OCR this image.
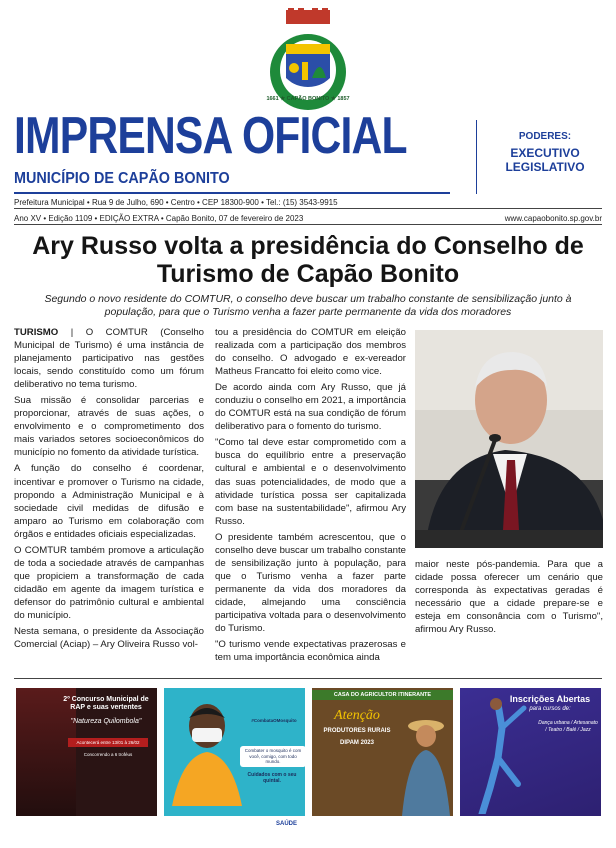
1661 ★ CAPÃO BONITO ★ 1857
IMPRENSA OFICIAL
MUNICÍPIO DE CAPÃO BONITO
PODERES:
EXECUTIVO
LEGISLATIVO
Prefeitura Municipal • Rua 9 de Julho, 690 • Centro • CEP 18300-900 • Tel.: (15) 3543-9915
Ano XV • Edição 1109 • EDIÇÃO EXTRA • Capão Bonito, 07 de fevereiro de 2023	www.capaobonito.sp.gov.br
Ary Russo volta a presidência do Conselho de Turismo de Capão Bonito
Segundo o novo residente do COMTUR, o conselho deve buscar um trabalho constante de sensibilização junto à população, para que o Turismo venha a fazer parte permanente da vida dos moradores

TURISMO | O COMTUR (Conselho Municipal de Turismo) é uma instância de planejamento participativo nas gestões locais, sendo constituído como um fórum deliberativo no tema turismo.

Sua missão é consolidar parcerias e proporcionar, através de suas ações, o envolvimento e o comprometimento dos mais variados setores socioeconômicos do município no fomento da atividade turística.

A função do conselho é coordenar, incentivar e promover o Turismo na cidade, propondo a Administração Municipal e à sociedade civil medidas de difusão e amparo ao Turismo em colaboração com órgãos e entidades oficiais especializadas.

O COMTUR também promove a articulação de toda a sociedade através de campanhas que propiciem a transformação de cada cidadão em agente da imagem turística e defensor do patrimônio cultural e ambiental do município.

Nesta semana, o presidente da Associação Comercial (Aciap) – Ary Oliveira Russo vol-

tou a presidência do COMTUR em eleição realizada com a participação dos membros do conselho. O advogado e ex-vereador Matheus Francatto foi eleito como vice.

De acordo ainda com Ary Russo, que já conduziu o conselho em 2021, a importância do COMTUR está na sua condição de fórum deliberativo para o fomento do turismo.

"Como tal deve estar comprometido com a busca do equilíbrio entre a preservação cultural e ambiental e o desenvolvimento das suas potencialidades, de modo que a atividade turística possa ser capitalizada com base na sustentabilidade", afirmou Ary Russo.

O presidente também acrescentou, que o conselho deve buscar um trabalho constante de sensibilização junto à população, para que o Turismo venha a fazer parte permanente da vida dos moradores da cidade, almejando uma consciência participativa voltada para o desenvolvimento do Turismo.

"O turismo vende expectativas prazerosas e tem uma importância econômica ainda

maior neste pós-pandemia. Para que a cidade possa oferecer um cenário que corresponda às expectativas geradas é necessário que a cidade prepare-se e esteja em consonância com o Turismo", afirmou Ary Russo.

2º Concurso Municipal de RAP e suas vertentes
"Natureza Quilombola"
Acontecerá entre 13/01 à 26/02
Concorrendo a 6 troféus
#CombataOMosquito
Combater o mosquito é com você, comigo, com todo mundo.
Cuidados com o seu quintal.
SAÚDE
CASA DO AGRICULTOR ITINERANTE
Atenção
PRODUTORES RURAIS
DIPAM 2023
Inscrições Abertas
para cursos de:
Dança urbana / Artesanato / Teatro / Balé / Jazz
